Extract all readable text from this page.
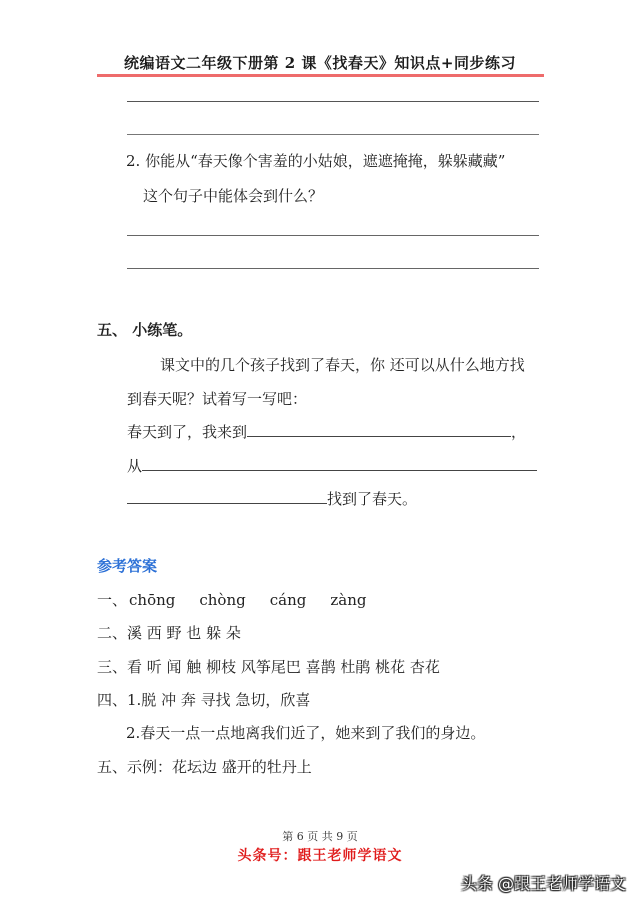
统编语文二年级下册第 2 课《找春天》知识点+同步练习
2. 你能从“春天像个害羞的小姑娘，遮遮掩掩，躲躲藏藏”
这个句子中能体会到什么？
五、 小练笔。
课文中的几个孩子找到了春天，你 还可以从什么地方找
到春天呢？试着写一写吧：
春天到了，我来到	，
从
找到了春天。
参考答案
一、 chōng chòng cáng zàng
二、溪 西 野 也 躲 朵
三、看 听 闻 触 柳枝 风筝尾巴 喜鹊 杜鹃 桃花 杏花
四、1.脱 冲 奔 寻找 急切，欣喜
2.春天一点一点地离我们近了，她来到了我们的身边。
五、示例：花坛边 盛开的牡丹上
第 6 页 共 9 页
头条号：跟王老师学语文
头条 @跟王老师学语文
